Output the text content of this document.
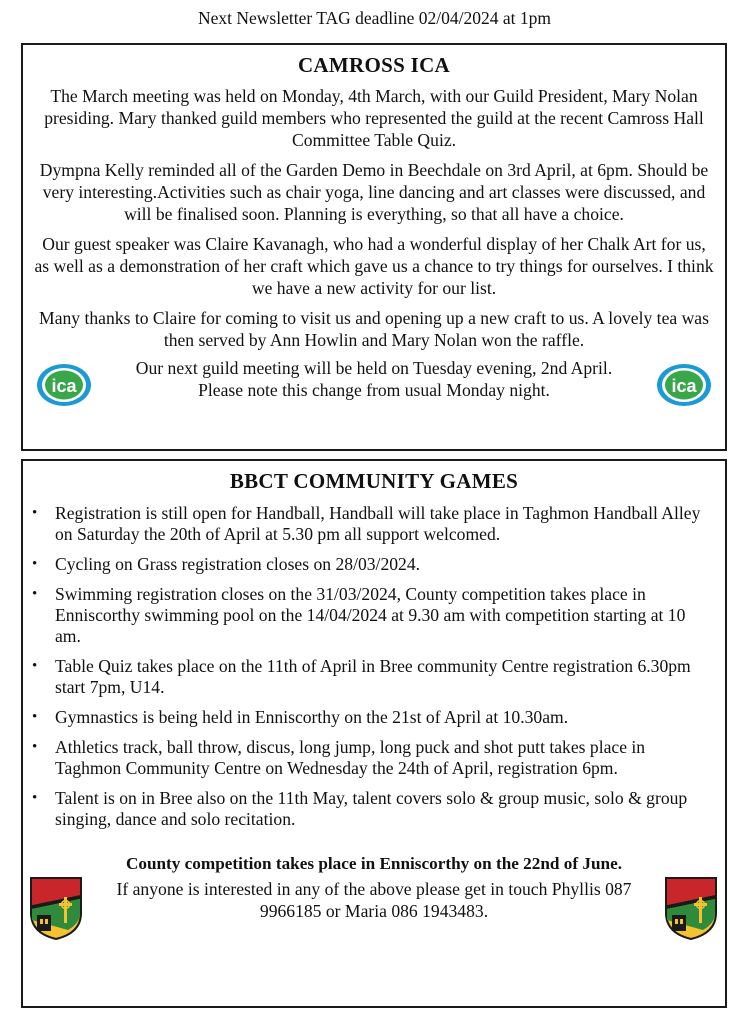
Next Newsletter TAG deadline 02/04/2024 at 1pm
CAMROSS ICA

The March meeting was held on Monday, 4th March, with our Guild President, Mary Nolan presiding. Mary thanked guild members who represented the guild at the recent Camross Hall Committee Table Quiz.

Dympna Kelly reminded all of the Garden Demo in Beechdale on 3rd April, at 6pm. Should be very interesting.Activities such as chair yoga, line dancing and art classes were discussed, and will be finalised soon. Planning is everything, so that all have a choice.

Our guest speaker was Claire Kavanagh, who had a wonderful display of her Chalk Art for us, as well as a demonstration of her craft which gave us a chance to try things for ourselves. I think we have a new activity for our list.

Many thanks to Claire for coming to visit us and opening up a new craft to us. A lovely tea was then served by Ann Howlin and Mary Nolan won the raffle.

ica
Our next guild meeting will be held on Tuesday evening, 2nd April. Please note this change from usual Monday night.	ica
BBCT COMMUNITY GAMES
• Registration is still open for Handball, Handball will take place in Taghmon Handball Alley on Saturday the 20th of April at 5.30 pm all support welcomed.
• Cycling on Grass registration closes on 28/03/2024.
• Swimming registration closes on the 31/03/2024, County competition takes place in Enniscorthy swimming pool on the 14/04/2024 at 9.30 am with competition starting at 10 am.
• Table Quiz takes place on the 11th of April in Bree community Centre registration 6.30pm start 7pm, U14.
• Gymnastics is being held in Enniscorthy on the 21st of April at 10.30am.
• Athletics track, ball throw, discus, long jump, long puck and shot putt takes place in Taghmon Community Centre on Wednesday the 24th of April, registration 6pm.
• Talent is on in Bree also on the 11th May, talent covers solo & group music, solo & group singing, dance and solo recitation.
County competition takes place in Enniscorthy on the 22nd of June.
If anyone is interested in any of the above please get in touch Phyllis 087 9966185 or Maria 086 1943483.
